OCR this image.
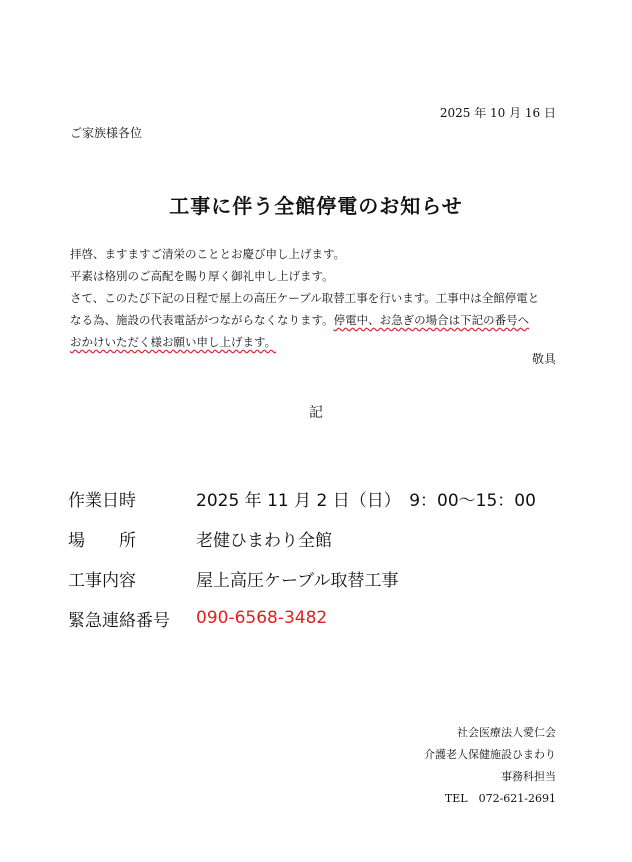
2025 年 10 月 16 日
ご家族様各位
工事に伴う全館停電のお知らせ

拝啓、ますますご清栄のこととお慶び申し上げます。

平素は格別のご高配を賜り厚く御礼申し上げます。

さて、このたび下記の日程で屋上の高圧ケーブル取替工事を行います。工事中は全館停電と

なる為、施設の代表電話がつながらなくなります。停電中、お急ぎの場合は下記の番号へ

おかけいただく様お願い申し上げます。

敬具
記
作業日時	2025 年 11 月 2 日（日）　9：00〜15：00
場　　所	老健ひまわり全館
工事内容	屋上高圧ケーブル取替工事
緊急連絡番号	090-6568-3482
社会医療法人愛仁会
介護老人保健施設ひまわり
事務科担当
TEL　072-621-2691
